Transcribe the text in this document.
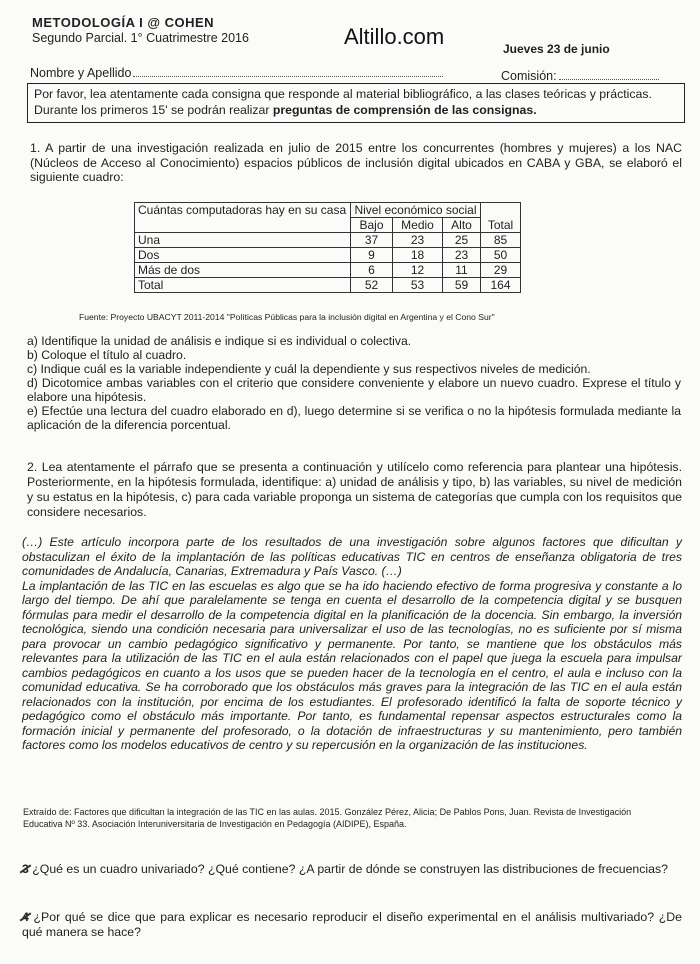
METODOLOGÍA I @ COHEN
Segundo Parcial. 1° Cuatrimestre 2016	Altillo.com	Jueves 23 de junio
Nombre y Apellido	Comisión:
Por favor, lea atentamente cada consigna que responde al material bibliográfico, a las clases teóricas y prácticas. Durante los primeros 15' se podrán realizar preguntas de comprensión de las consignas.
1. A partir de una investigación realizada en julio de 2015 entre los concurrentes (hombres y mujeres) a los NAC (Núcleos de Acceso al Conocimiento) espacios públicos de inclusión digital ubicados en CABA y GBA, se elaboró el siguiente cuadro:
Cuántas computadoras hay en su casa	Nivel económico social			Total
	Bajo	Medio	Alto	
Una	37	23	25	85
Dos	9	18	23	50
Más de dos	6	12	11	29
Total	52	53	59	164
Fuente: Proyecto UBACYT 2011-2014 "Políticas Públicas para la inclusión digital en Argentina y el Cono Sur"
a) Identifique la unidad de análisis e indique si es individual o colectiva.
b) Coloque el título al cuadro.
c) Indique cuál es la variable independiente y cuál la dependiente y sus respectivos niveles de medición.
d) Dicotomice ambas variables con el criterio que considere conveniente y elabore un nuevo cuadro. Exprese el título y elabore una hipótesis.
e) Efectúe una lectura del cuadro elaborado en d), luego determine si se verifica o no la hipótesis formulada mediante la aplicación de la diferencia porcentual.
2. Lea atentamente el párrafo que se presenta a continuación y utilícelo como referencia para plantear una hipótesis. Posteriormente, en la hipótesis formulada, identifique: a) unidad de análisis y tipo, b) las variables, su nivel de medición y su estatus en la hipótesis, c) para cada variable proponga un sistema de categorías que cumpla con los requisitos que considere necesarios.

(…) Este artículo incorpora parte de los resultados de una investigación sobre algunos factores que dificultan y obstaculizan el éxito de la implantación de las políticas educativas TIC en centros de enseñanza obligatoria de tres comunidades de Andalucía, Canarias, Extremadura y País Vasco. (…)

La implantación de las TIC en las escuelas es algo que se ha ido haciendo efectivo de forma progresiva y constante a lo largo del tiempo. De ahí que paralelamente se tenga en cuenta el desarrollo de la competencia digital y se busquen fórmulas para medir el desarrollo de la competencia digital en la planificación de la docencia. Sin embargo, la inversión tecnológica, siendo una condición necesaria para universalizar el uso de las tecnologías, no es suficiente por sí misma para provocar un cambio pedagógico significativo y permanente. Por tanto, se mantiene que los obstáculos más relevantes para la utilización de las TIC en el aula están relacionados con el papel que juega la escuela para impulsar cambios pedagógicos en cuanto a los usos que se pueden hacer de la tecnología en el centro, el aula e incluso con la comunidad educativa. Se ha corroborado que los obstáculos más graves para la integración de las TIC en el aula están relacionados con la institución, por encima de los estudiantes. El profesorado identificó la falta de soporte técnico y pedagógico como el obstáculo más importante. Por tanto, es fundamental repensar aspectos estructurales como la formación inicial y permanente del profesorado, o la dotación de infraestructuras y su mantenimiento, pero también factores como los modelos educativos de centro y su repercusión en la organización de las instituciones.

Extraído de: Factores que dificultan la integración de las TIC en las aulas. 2015. González Pérez, Alicia; De Pablos Pons, Juan. Revista de Investigación Educativa Nº 33. Asociación Interuniversitaria de Investigación en Pedagogía (AIDIPE), España.
3 ¿Qué es un cuadro univariado? ¿Qué contiene? ¿A partir de dónde se construyen las distribuciones de frecuencias?
4 ¿Por qué se dice que para explicar es necesario reproducir el diseño experimental en el análisis multivariado? ¿De qué manera se hace?
